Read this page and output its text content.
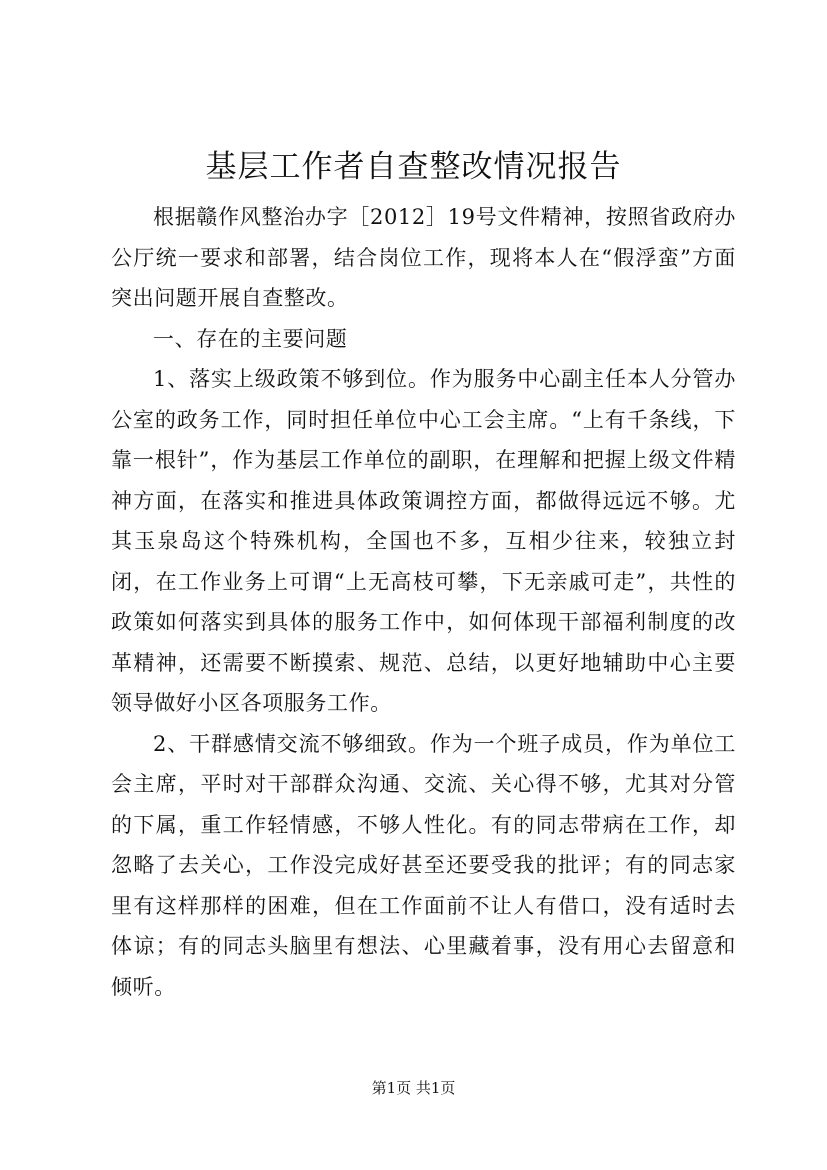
基层工作者自查整改情况报告

根据赣作风整治办字［2012］19号文件精神，按照省政府办公厅统一要求和部署，结合岗位工作，现将本人在“假浮蛮”方面突出问题开展自查整改。

一、存在的主要问题

1、落实上级政策不够到位。作为服务中心副主任本人分管办公室的政务工作，同时担任单位中心工会主席。“上有千条线，下靠一根针”，作为基层工作单位的副职，在理解和把握上级文件精神方面，在落实和推进具体政策调控方面，都做得远远不够。尤其玉泉岛这个特殊机构，全国也不多，互相少往来，较独立封闭，在工作业务上可谓“上无高枝可攀，下无亲戚可走”，共性的政策如何落实到具体的服务工作中，如何体现干部福利制度的改革精神，还需要不断摸索、规范、总结，以更好地辅助中心主要领导做好小区各项服务工作。

2、干群感情交流不够细致。作为一个班子成员，作为单位工会主席，平时对干部群众沟通、交流、关心得不够，尤其对分管的下属，重工作轻情感，不够人性化。有的同志带病在工作，却忽略了去关心，工作没完成好甚至还要受我的批评；有的同志家里有这样那样的困难，但在工作面前不让人有借口，没有适时去体谅；有的同志头脑里有想法、心里藏着事，没有用心去留意和倾听。

第1页 共1页
